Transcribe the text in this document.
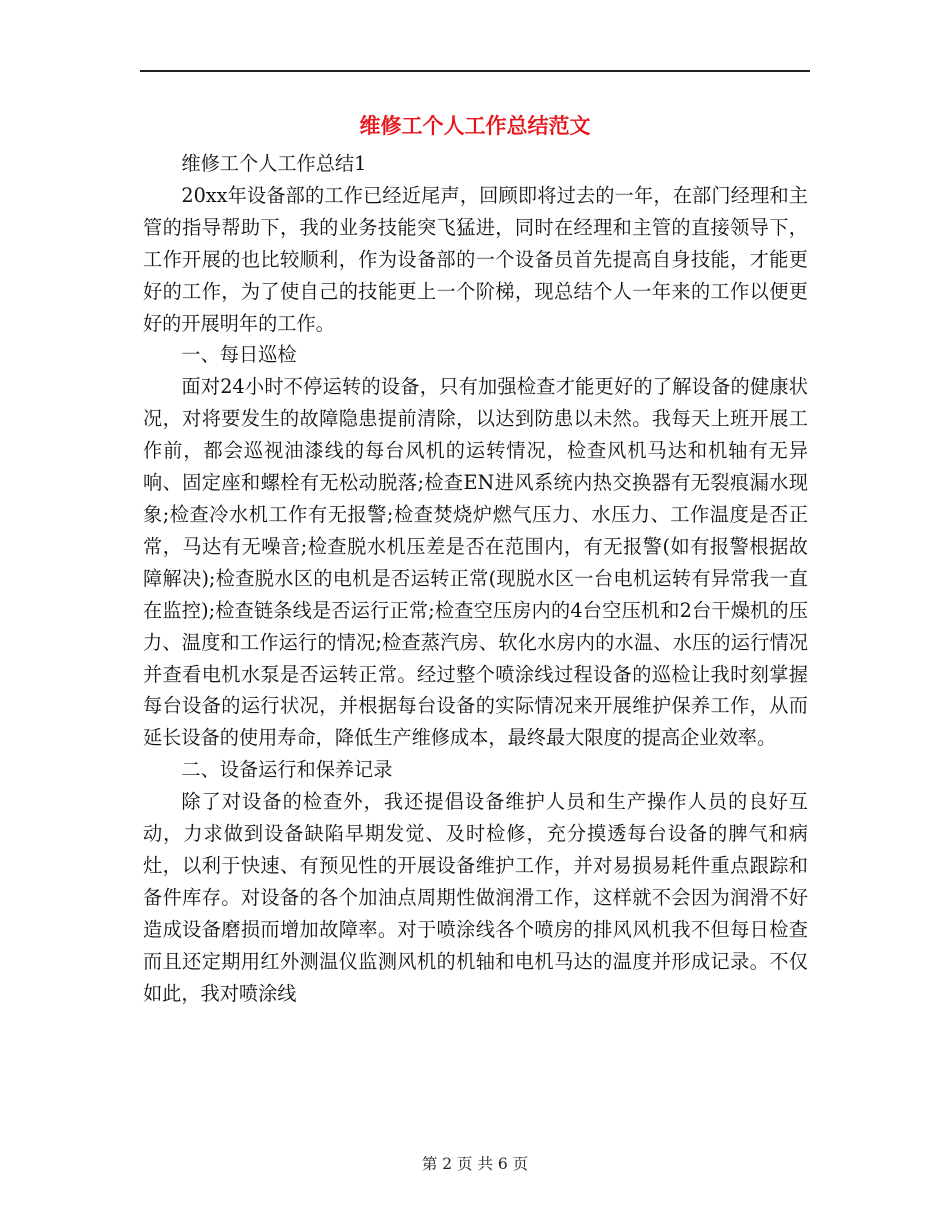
维修工个人工作总结范文

维修工个人工作总结1

20xx年设备部的工作已经近尾声，回顾即将过去的一年，在部门经理和主管的指导帮助下，我的业务技能突飞猛进，同时在经理和主管的直接领导下，工作开展的也比较顺利，作为设备部的一个设备员首先提高自身技能，才能更好的工作，为了使自己的技能更上一个阶梯，现总结个人一年来的工作以便更好的开展明年的工作。

一、每日巡检

面对24小时不停运转的设备，只有加强检查才能更好的了解设备的健康状况，对将要发生的故障隐患提前清除，以达到防患以未然。我每天上班开展工作前，都会巡视油漆线的每台风机的运转情况，检查风机马达和机轴有无异响、固定座和螺栓有无松动脱落;检查EN进风系统内热交换器有无裂痕漏水现象;检查冷水机工作有无报警;检查焚烧炉燃气压力、水压力、工作温度是否正常，马达有无噪音;检查脱水机压差是否在范围内，有无报警(如有报警根据故障解决);检查脱水区的电机是否运转正常(现脱水区一台电机运转有异常我一直在监控);检查链条线是否运行正常;检查空压房内的4台空压机和2台干燥机的压力、温度和工作运行的情况;检查蒸汽房、软化水房内的水温、水压的运行情况并查看电机水泵是否运转正常。经过整个喷涂线过程设备的巡检让我时刻掌握每台设备的运行状况，并根据每台设备的实际情况来开展维护保养工作，从而延长设备的使用寿命，降低生产维修成本，最终最大限度的提高企业效率。

二、设备运行和保养记录

除了对设备的检查外，我还提倡设备维护人员和生产操作人员的良好互动，力求做到设备缺陷早期发觉、及时检修，充分摸透每台设备的脾气和病灶，以利于快速、有预见性的开展设备维护工作，并对易损易耗件重点跟踪和备件库存。对设备的各个加油点周期性做润滑工作，这样就不会因为润滑不好造成设备磨损而增加故障率。对于喷涂线各个喷房的排风风机我不但每日检查而且还定期用红外测温仪监测风机的机轴和电机马达的温度并形成记录。不仅如此，我对喷涂线

第 2 页 共 6 页
